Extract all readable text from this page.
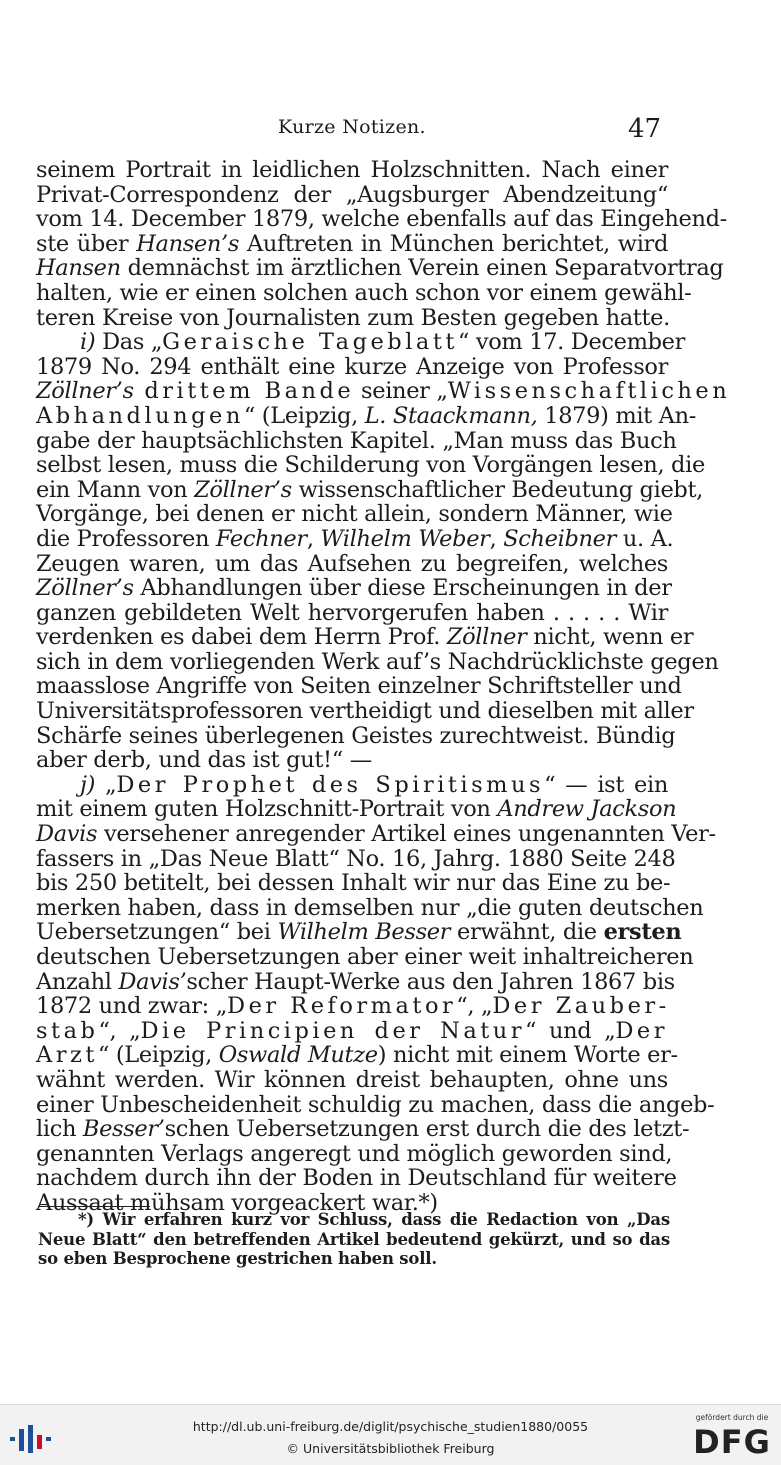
Kurze Notizen.	47
seinem Portrait in leidlichen Holzschnitten. Nach einer
Privat-Correspondenz der „Augsburger Abendzeitung“
vom 14. December 1879, welche ebenfalls auf das Eingehend-
ste über Hansen’s Auftreten in München berichtet, wird
Hansen demnächst im ärztlichen Verein einen Separatvortrag
halten, wie er einen solchen auch schon vor einem gewähl-
teren Kreise von Journalisten zum Besten gegeben hatte.
i) Das „Geraische Tageblatt“ vom 17. December
1879 No. 294 enthält eine kurze Anzeige von Professor
Zöllner’s drittem Bande seiner „Wissenschaftlichen
Abhandlungen“ (Leipzig, L. Staackmann, 1879) mit An-
gabe der hauptsächlichsten Kapitel. „Man muss das Buch
selbst lesen, muss die Schilderung von Vorgängen lesen, die
ein Mann von Zöllner’s wissenschaftlicher Bedeutung giebt,
Vorgänge, bei denen er nicht allein, sondern Männer, wie
die Professoren Fechner, Wilhelm Weber, Scheibner u. A.
Zeugen waren, um das Aufsehen zu begreifen, welches
Zöllner’s Abhandlungen über diese Erscheinungen in der
ganzen gebildeten Welt hervorgerufen haben . . . . . Wir
verdenken es dabei dem Herrn Prof. Zöllner nicht, wenn er
sich in dem vorliegenden Werk auf’s Nachdrücklichste gegen
maasslose Angriffe von Seiten einzelner Schriftsteller und
Universitätsprofessoren vertheidigt und dieselben mit aller
Schärfe seines überlegenen Geistes zurechtweist. Bündig
aber derb, und das ist gut!“ —
j) „Der Prophet des Spiritismus“ — ist ein
mit einem guten Holzschnitt-Portrait von Andrew Jackson
Davis versehener anregender Artikel eines ungenannten Ver-
fassers in „Das Neue Blatt“ No. 16, Jahrg. 1880 Seite 248
bis 250 betitelt, bei dessen Inhalt wir nur das Eine zu be-
merken haben, dass in demselben nur „die guten deutschen
Uebersetzungen“ bei Wilhelm Besser erwähnt, die ersten
deutschen Uebersetzungen aber einer weit inhaltreicheren
Anzahl Davis’scher Haupt-Werke aus den Jahren 1867 bis
1872 und zwar: „Der Reformator“, „Der Zauber-
stab“, „Die Principien der Natur“ und „Der
Arzt“ (Leipzig, Oswald Mutze) nicht mit einem Worte er-
wähnt werden. Wir können dreist behaupten, ohne uns
einer Unbescheidenheit schuldig zu machen, dass die angeb-
lich Besser’schen Uebersetzungen erst durch die des letzt-
genannten Verlags angeregt und möglich geworden sind,
nachdem durch ihn der Boden in Deutschland für weitere
Aussaat mühsam vorgeackert war.*)
*) Wir erfahren kurz vor Schluss, dass die Redaction von „Das
Neue Blatt“ den betreffenden Artikel bedeutend gekürzt, und so das
so eben Besprochene gestrichen haben soll.
http://dl.ub.uni-freiburg.de/diglit/psychische_studien1880/0055
© Universitätsbibliothek Freiburg
gefördert durch die
DFG
